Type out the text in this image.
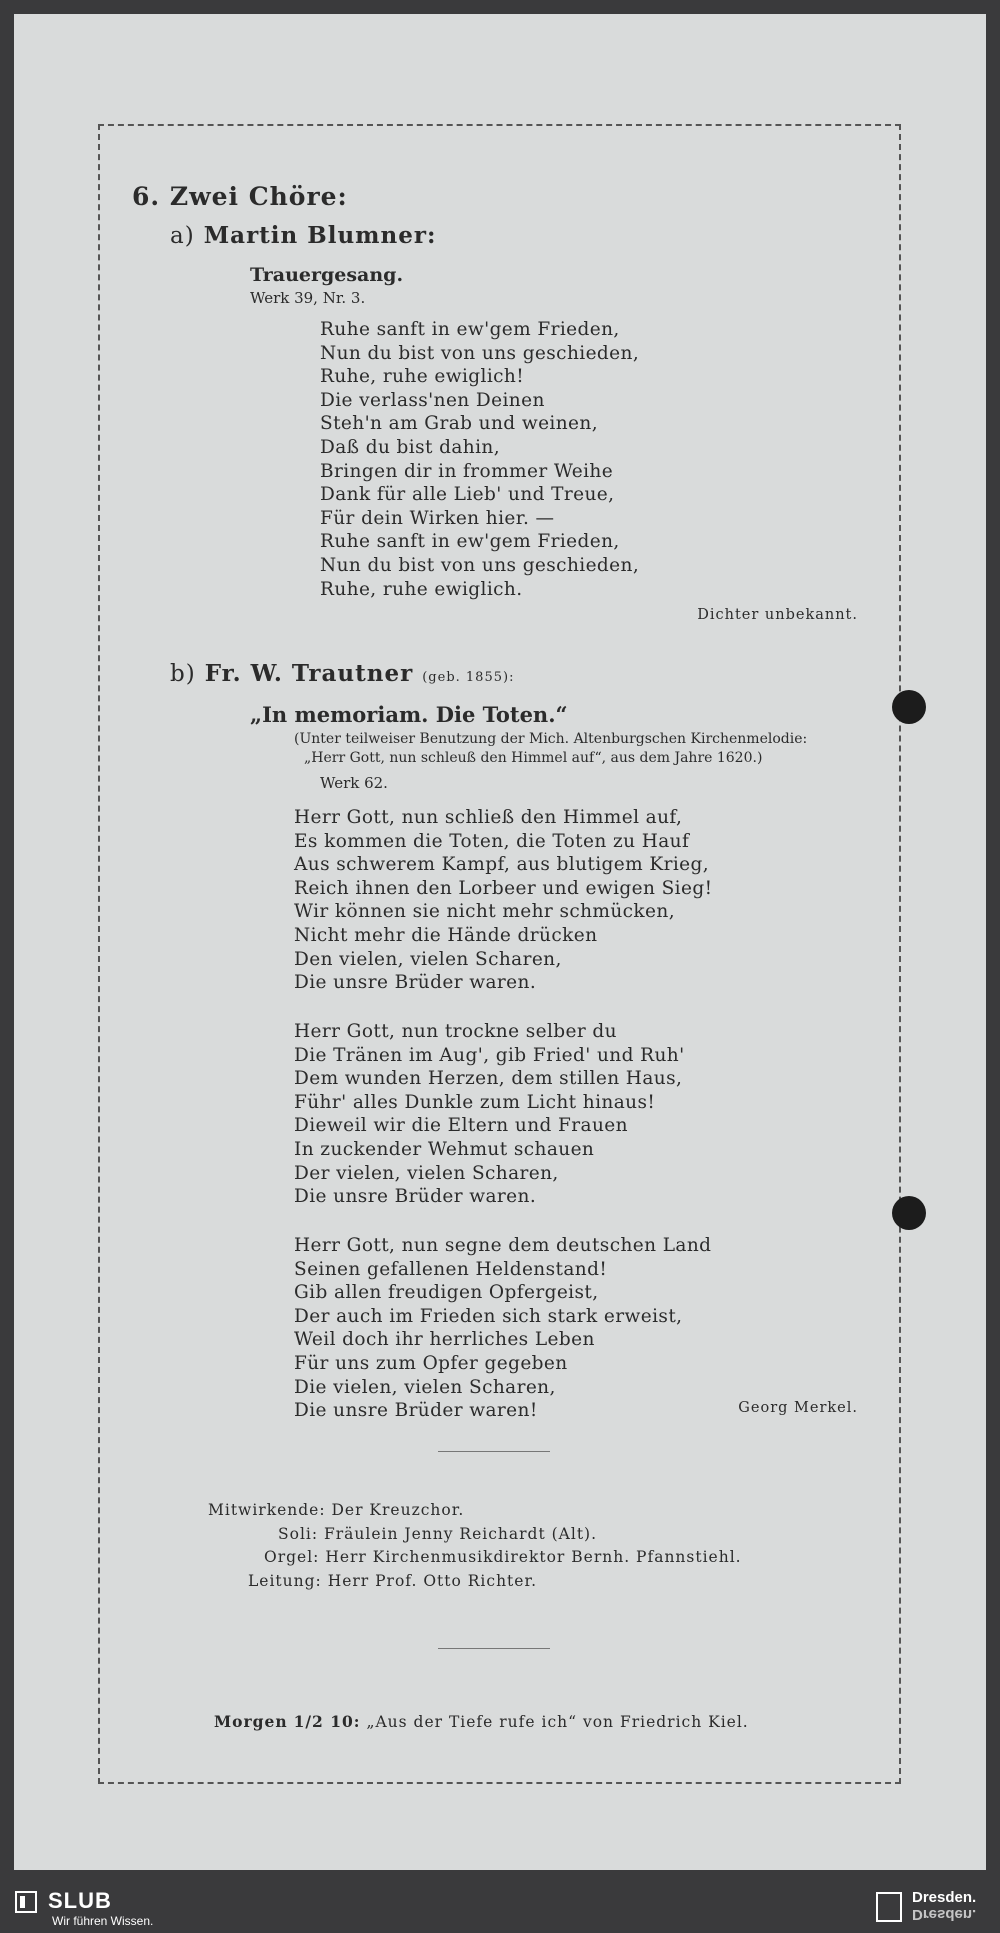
6. Zwei Chöre:
a) Martin Blumner:
Trauergesang.
Werk 39, Nr. 3.
Ruhe sanft in ew'gem Frieden,
Nun du bist von uns geschieden,
Ruhe, ruhe ewiglich!
Die verlass'nen Deinen
Steh'n am Grab und weinen,
Daß du bist dahin,
Bringen dir in frommer Weihe
Dank für alle Lieb' und Treue,
Für dein Wirken hier. —
Ruhe sanft in ew'gem Frieden,
Nun du bist von uns geschieden,
Ruhe, ruhe ewiglich.
Dichter unbekannt.
b) Fr. W. Trautner (geb. 1855):
„In memoriam. Die Toten.“
(Unter teilweiser Benutzung der Mich. Altenburgschen Kirchenmelodie:
„Herr Gott, nun schleuß den Himmel auf“, aus dem Jahre 1620.)
Werk 62.
Herr Gott, nun schließ den Himmel auf,
Es kommen die Toten, die Toten zu Hauf
Aus schwerem Kampf, aus blutigem Krieg,
Reich ihnen den Lorbeer und ewigen Sieg!
Wir können sie nicht mehr schmücken,
Nicht mehr die Hände drücken
Den vielen, vielen Scharen,
Die unsre Brüder waren.
Herr Gott, nun trockne selber du
Die Tränen im Aug', gib Fried' und Ruh'
Dem wunden Herzen, dem stillen Haus,
Führ' alles Dunkle zum Licht hinaus!
Dieweil wir die Eltern und Frauen
In zuckender Wehmut schauen
Der vielen, vielen Scharen,
Die unsre Brüder waren.
Herr Gott, nun segne dem deutschen Land
Seinen gefallenen Heldenstand!
Gib allen freudigen Opfergeist,
Der auch im Frieden sich stark erweist,
Weil doch ihr herrliches Leben
Für uns zum Opfer gegeben
Die vielen, vielen Scharen,
Die unsre Brüder waren!	Georg Merkel.
Mitwirkende: Der Kreuzchor.
Soli: Fräulein Jenny Reichardt (Alt).
Orgel: Herr Kirchenmusikdirektor Bernh. Pfannstiehl.
Leitung: Herr Prof. Otto Richter.
Morgen 1/2 10: „Aus der Tiefe rufe ich“ von Friedrich Kiel.
SLUB
Wir führen Wissen.
Dresden.
Dresden.
